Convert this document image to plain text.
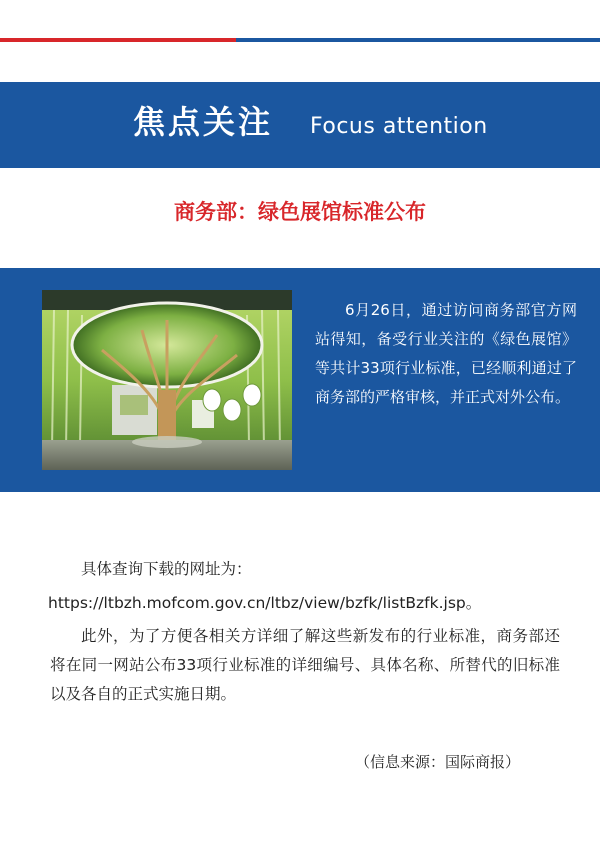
焦点关注 Focus attention
商务部：绿色展馆标准公布
6月26日，通过访问商务部官方网站得知，备受行业关注的《绿色展馆》等共计33项行业标准，已经顺利通过了商务部的严格审核，并正式对外公布。
具体查询下载的网址为：
https://ltbzh.mofcom.gov.cn/ltbz/view/bzfk/listBzfk.jsp。
此外，为了方便各相关方详细了解这些新发布的行业标准，商务部还将在同一网站公布33项行业标准的详细编号、具体名称、所替代的旧标准以及各自的正式实施日期。
（信息来源：国际商报）
